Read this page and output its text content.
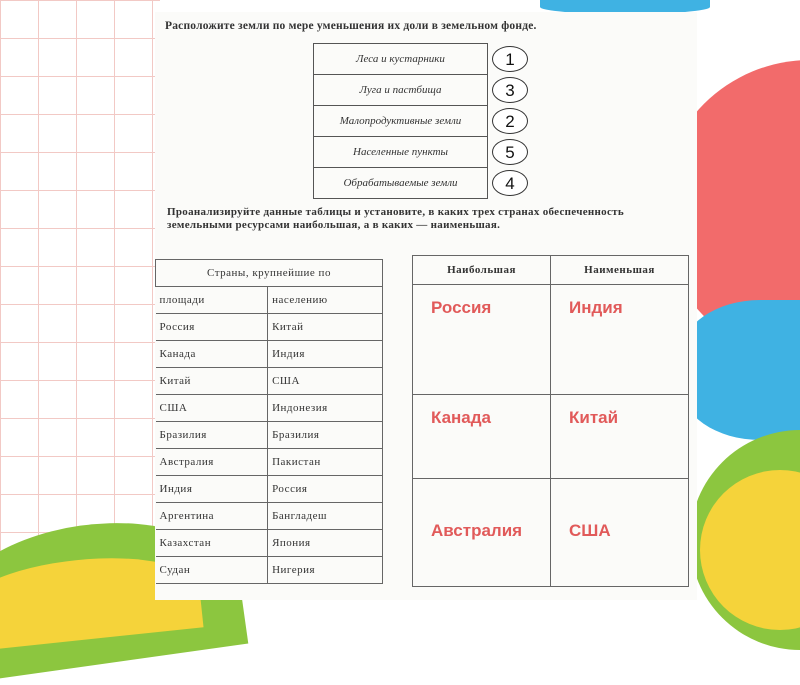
Расположите земли по мере уменьшения их доли в земельном фонде.
Леса и кустарники	1
Луга и пастбища	3
Малопродуктивные земли	2
Населенные пункты	5
Обрабатываемые земли	4
Проанализируйте данные таблицы и установите, в каких трех странах обеспеченность земельными ресурсами наибольшая, а в каких — наименьшая.
Страны, крупнейшие по	
площади	населению
Россия	Китай
Канада	Индия
Китай	США
США	Индонезия
Бразилия	Бразилия
Австралия	Пакистан
Индия	Россия
Аргентина	Бангладеш
Казахстан	Япония
Судан	Нигерия
Наибольшая	Наименьшая

Россия	Индия

Канада	Китай

Австралия	США
